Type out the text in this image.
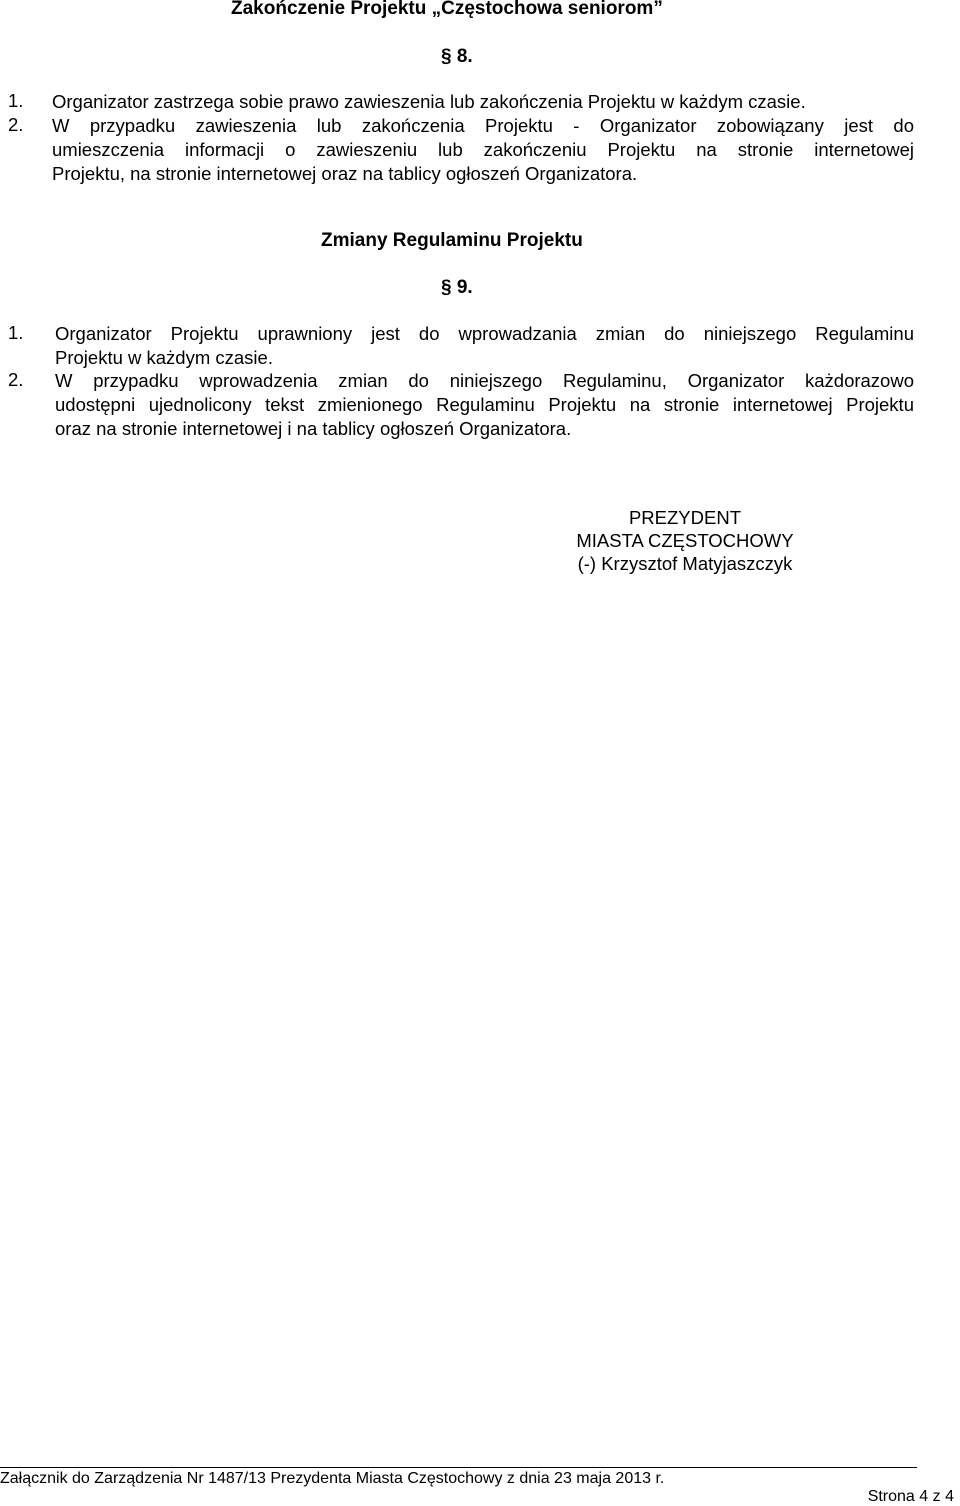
Zakończenie Projektu „Częstochowa seniorom”
§ 8.
1. Organizator zastrzega sobie prawo zawieszenia lub zakończenia Projektu w każdym czasie.
2. W przypadku zawieszenia lub zakończenia Projektu - Organizator zobowiązany jest do
umieszczenia informacji o zawieszeniu lub zakończeniu Projektu na stronie internetowej
Projektu, na stronie internetowej oraz na tablicy ogłoszeń Organizatora.
Zmiany Regulaminu Projektu
§ 9.
1. Organizator Projektu uprawniony jest do wprowadzania zmian do niniejszego Regulaminu
Projektu w każdym czasie.
2. W przypadku wprowadzenia zmian do niniejszego Regulaminu, Organizator każdorazowo
udostępni ujednolicony tekst zmienionego Regulaminu Projektu na stronie internetowej Projektu
oraz na stronie internetowej i na tablicy ogłoszeń Organizatora.
PREZYDENT
MIASTA CZĘSTOCHOWY
(-) Krzysztof Matyjaszczyk
Załącznik do Zarządzenia Nr 1487/13 Prezydenta Miasta Częstochowy z dnia 23 maja 2013 r.
Strona 4 z 4
